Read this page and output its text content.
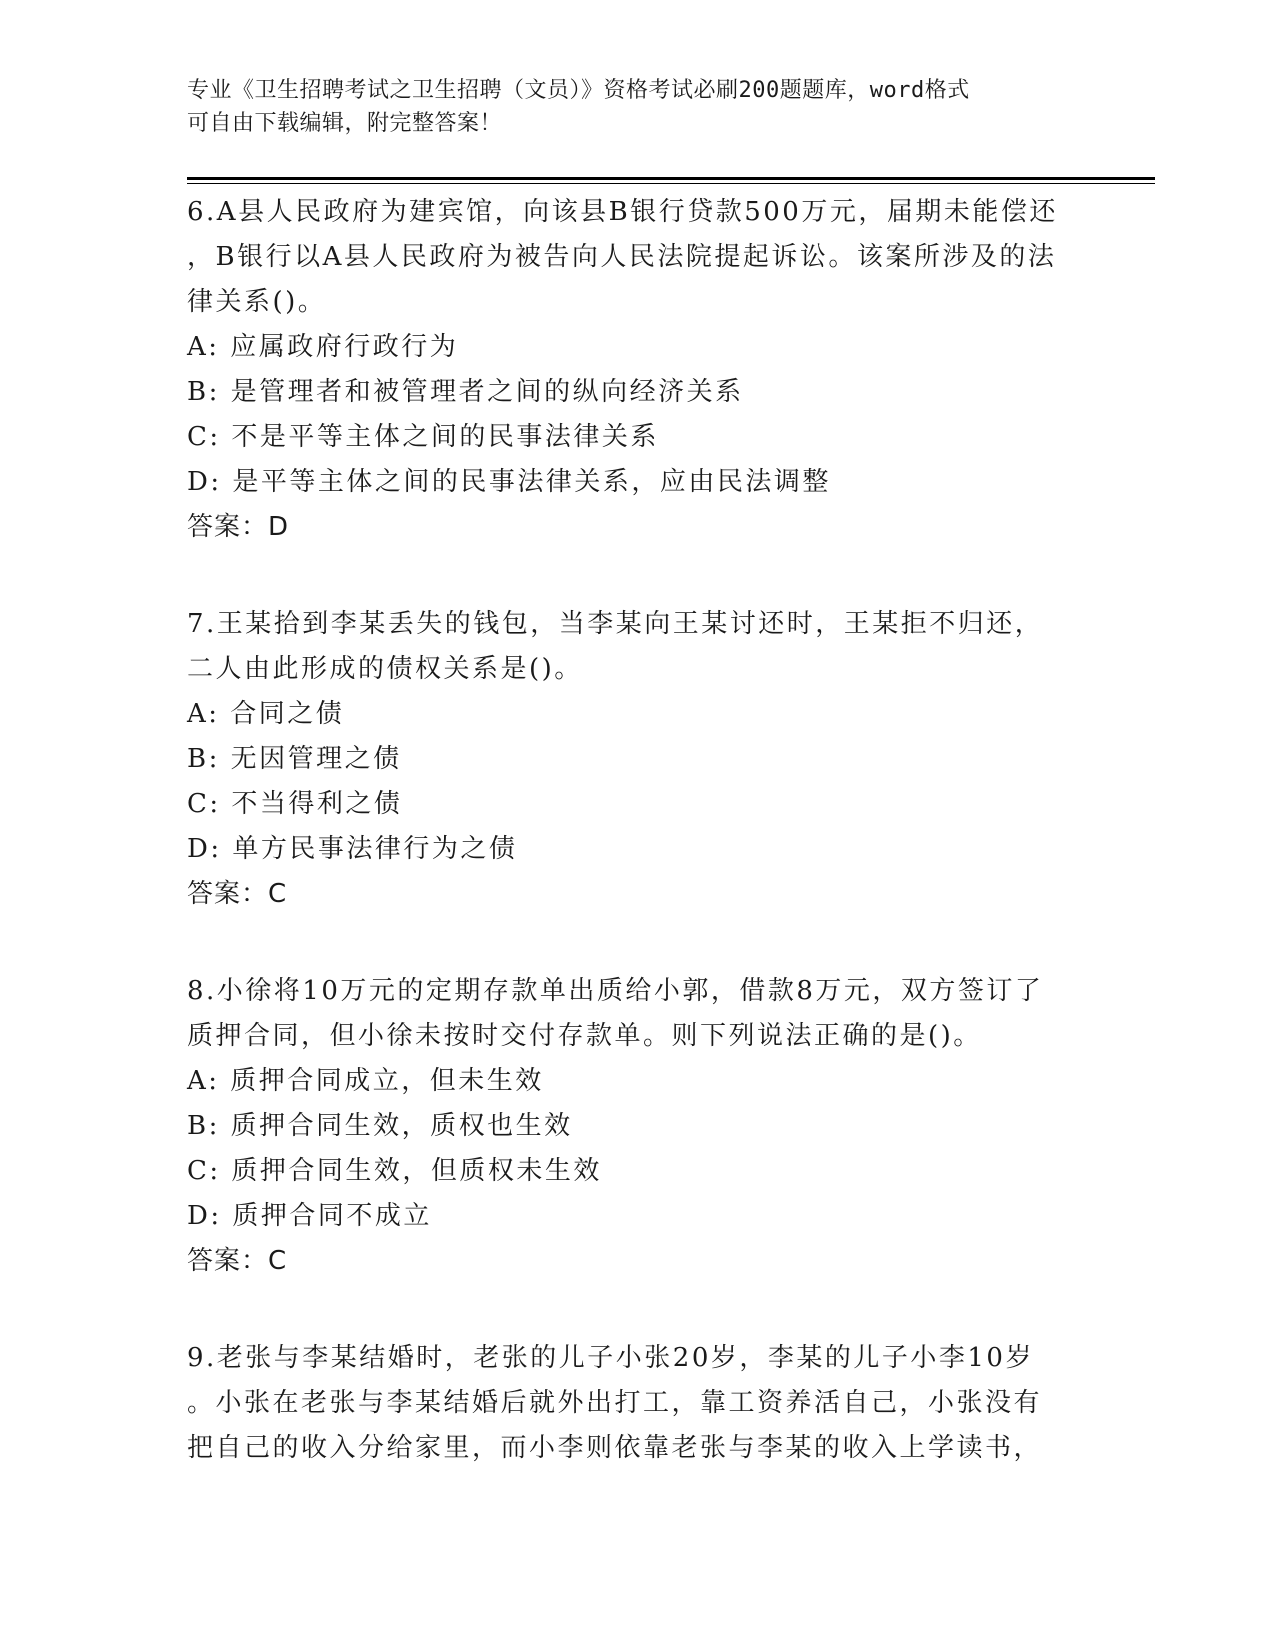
专业《卫生招聘考试之卫生招聘（文员）》资格考试必刷200题题库，word格式
可自由下载编辑，附完整答案！
6.A县人民政府为建宾馆，向该县B银行贷款500万元，届期未能偿还
，B银行以A县人民政府为被告向人民法院提起诉讼。该案所涉及的法
律关系()。
A: 应属政府行政行为
B: 是管理者和被管理者之间的纵向经济关系
C: 不是平等主体之间的民事法律关系
D: 是平等主体之间的民事法律关系，应由民法调整
答案：D
7.王某拾到李某丢失的钱包，当李某向王某讨还时，王某拒不归还，
二人由此形成的债权关系是()。
A: 合同之债
B: 无因管理之债
C: 不当得利之债
D: 单方民事法律行为之债
答案：C
8.小徐将10万元的定期存款单出质给小郭，借款8万元，双方签订了
质押合同，但小徐未按时交付存款单。则下列说法正确的是()。
A: 质押合同成立，但未生效
B: 质押合同生效，质权也生效
C: 质押合同生效，但质权未生效
D: 质押合同不成立
答案：C
9.老张与李某结婚时，老张的儿子小张20岁，李某的儿子小李10岁
。小张在老张与李某结婚后就外出打工，靠工资养活自己，小张没有
把自己的收入分给家里，而小李则依靠老张与李某的收入上学读书，
